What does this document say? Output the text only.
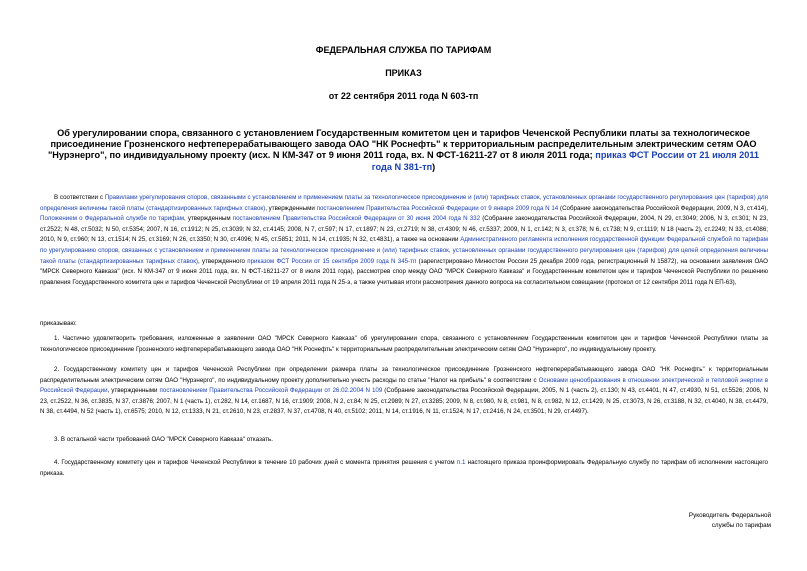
ФЕДЕРАЛЬНАЯ СЛУЖБА ПО ТАРИФАМ
ПРИКАЗ
от 22 сентября 2011 года N 603-тп
Об урегулировании спора, связанного с установлением Государственным комитетом цен и тарифов Чеченской Республики платы за технологическое присоединение Грозненского нефтеперерабатывающего завода ОАО "НК Роснефть" к территориальным распределительным электрическим сетям ОАО "Нурэнерго", по индивидуальному проекту (исх. N КМ-347 от 9 июня 2011 года, вх. N ФСТ-16211-27 от 8 июля 2011 года; приказ ФСТ России от 21 июля 2011 года N 381-тп)
В соответствии с Правилами урегулирования споров, связанными с установлением и применением платы за технологическое присоединение и (или) тарифных ставок, установленных органами государственного регулирования цен (тарифов) для определения величины такой платы (стандартизированных тарифных ставок), утвержденными постановлением Правительства Российской Федерации от 9 января 2009 года N 14 (Собрание законодательства Российской Федерации, 2009, N 3, ст.414), Положением о Федеральной службе по тарифам, утвержденным постановлением Правительства Российской Федерации от 30 июня 2004 года N 332 (Собрание законодательства Российской Федерации, 2004, N 29, ст.3049; 2006, N 3, ст.301; N 23, ст.2522; N 48, ст.5032; N 50, ст.5354; 2007, N 16, ст.1912; N 25, ст.3039; N 32, ст.4145; 2008, N 7, ст.597; N 17, ст.1897; N 23, ст.2719; N 38, ст.4309; N 46, ст.5337; 2009, N 1, ст.142; N 3, ст.378; N 6, ст.738; N 9, ст.1119; N 18 (часть 2), ст.2249; N 33, ст.4086; 2010, N 9, ст.960; N 13, ст.1514; N 25, ст.3169; N 26, ст.3350; N 30, ст.4096; N 45, ст.5851; 2011, N 14, ст.1935; N 32, ст.4831), а также на основании Административного регламента исполнения государственной функции Федеральной службой по тарифам по урегулированию споров, связанных с установлением и применением платы за технологическое присоединение и (или) тарифных ставок, установленных органами государственного регулирования цен (тарифов) для целей определения величины такой платы (стандартизированных тарифных ставок), утвержденного приказом ФСТ России от 15 сентября 2009 года N 345-тп (зарегистрировано Минюстом России 25 декабря 2009 года, регистрационный N 15872), на основании заявления ОАО "МРСК Северного Кавказа" (исх. N КМ-347 от 9 июня 2011 года, вх. N ФСТ-16211-27 от 8 июля 2011 года), рассмотрев спор между ОАО "МРСК Северного Кавказа" и Государственным комитетом цен и тарифов Чеченской Республики по решению правления Государственного комитета цен и тарифов Чеченской Республики от 19 апреля 2011 года N 25-э, а также учитывая итоги рассмотрения данного вопроса на согласительном совещании (протокол от 12 сентября 2011 года N ЕП-63),
приказываю:
1. Частично удовлетворить требования, изложенные в заявлении ОАО "МРСК Северного Кавказа" об урегулировании спора, связанного с установлением Государственным комитетом цен и тарифов Чеченской Республики платы за технологическое присоединение Грозненского нефтеперерабатывающего завода ОАО "НК Роснефть" к территориальным распределительным электрическим сетям ОАО "Нурэнерго", по индивидуальному проекту.
2. Государственному комитету цен и тарифов Чеченской Республики при определении размера платы за технологическое присоединение Грозненского нефтеперерабатывающего завода ОАО "НК Роснефть" к территориальным распределительным электрическим сетям ОАО "Нурэнерго", по индивидуальному проекту дополнительно учесть расходы по статье "Налог на прибыль" в соответствии с Основами ценообразования в отношении электрической и тепловой энергии в Российской Федерации, утвержденными постановлением Правительства Российской Федерации от 26.02.2004 N 109 (Собрание законодательства Российской Федерации, 2005, N 1 (часть 2), ст.130; N 43, ст.4401, N 47, ст.4930, N 51, ст.5526; 2006, N 23, ст.2522, N 36, ст.3835, N 37, ст.3876; 2007, N 1 (часть 1), ст.282, N 14, ст.1687, N 16, ст.1909; 2008, N 2, ст.84; N 25, ст.2989; N 27, ст.3285; 2009, N 8, ст.980, N 8, ст.981, N 8, ст.982, N 12, ст.1429, N 25, ст.3073, N 26, ст.3188, N 32, ст.4040, N 38, ст.4479, N 38, ст.4494, N 52 (часть 1), ст.6575; 2010, N 12, ст.1333, N 21, ст.2610, N 23, ст.2837, N 37, ст.4708, N 40, ст.5102; 2011, N 14, ст.1916, N 11, ст.1524, N 17, ст.2416, N 24, ст.3501, N 29, ст.4497).
3. В остальной части требований ОАО "МРСК Северного Кавказа" отказать.
4. Государственному комитету цен и тарифов Чеченской Республики в течение 10 рабочих дней с момента принятия решения с учетом п.1 настоящего приказа проинформировать Федеральную службу по тарифам об исполнении настоящего приказа.
Руководитель Федеральной
службы по тарифам
